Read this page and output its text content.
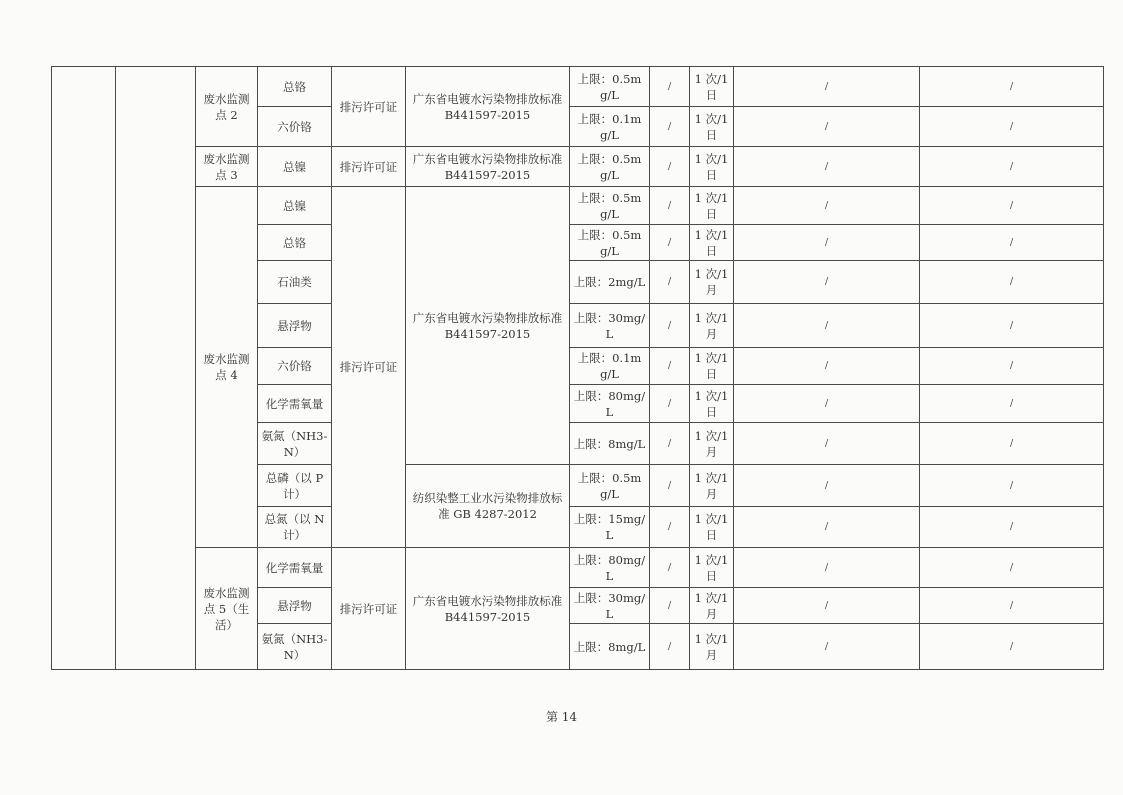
		废水监测点 2	总铬	排污许可证	广东省电镀水污染物排放标准 B441597-2015	上限：0.5mg/L	/	1 次/1 日	/	/
			六价铬			上限：0.1mg/L	/	1 次/1 日	/	/
		废水监测点 3	总镍	排污许可证	广东省电镀水污染物排放标准 B441597-2015	上限：0.5mg/L	/	1 次/1 日	/	/
		废水监测点 4	总镍	排污许可证	广东省电镀水污染物排放标准 B441597-2015	上限：0.5mg/L	/	1 次/1 日	/	/
			总铬			上限：0.5mg/L	/	1 次/1 日	/	/
			石油类			上限：2mg/L	/	1 次/1 月	/	/
			悬浮物			上限：30mg/L	/	1 次/1 月	/	/
			六价铬			上限：0.1mg/L	/	1 次/1 日	/	/
			化学需氧量			上限：80mg/L	/	1 次/1 日	/	/
			氨氮（NH3-N）			上限：8mg/L	/	1 次/1 月	/	/
			总磷（以 P 计）		纺织染整工业水污染物排放标准 GB 4287-2012	上限：0.5mg/L	/	1 次/1 月	/	/
			总氮（以 N 计）			上限：15mg/L	/	1 次/1 日	/	/
		废水监测点 5（生活）	化学需氧量	排污许可证	广东省电镀水污染物排放标准 B441597-2015	上限：80mg/L	/	1 次/1 日	/	/
			悬浮物			上限：30mg/L	/	1 次/1 月	/	/
			氨氮（NH3-N）			上限：8mg/L	/	1 次/1 月	/	/
第 14
